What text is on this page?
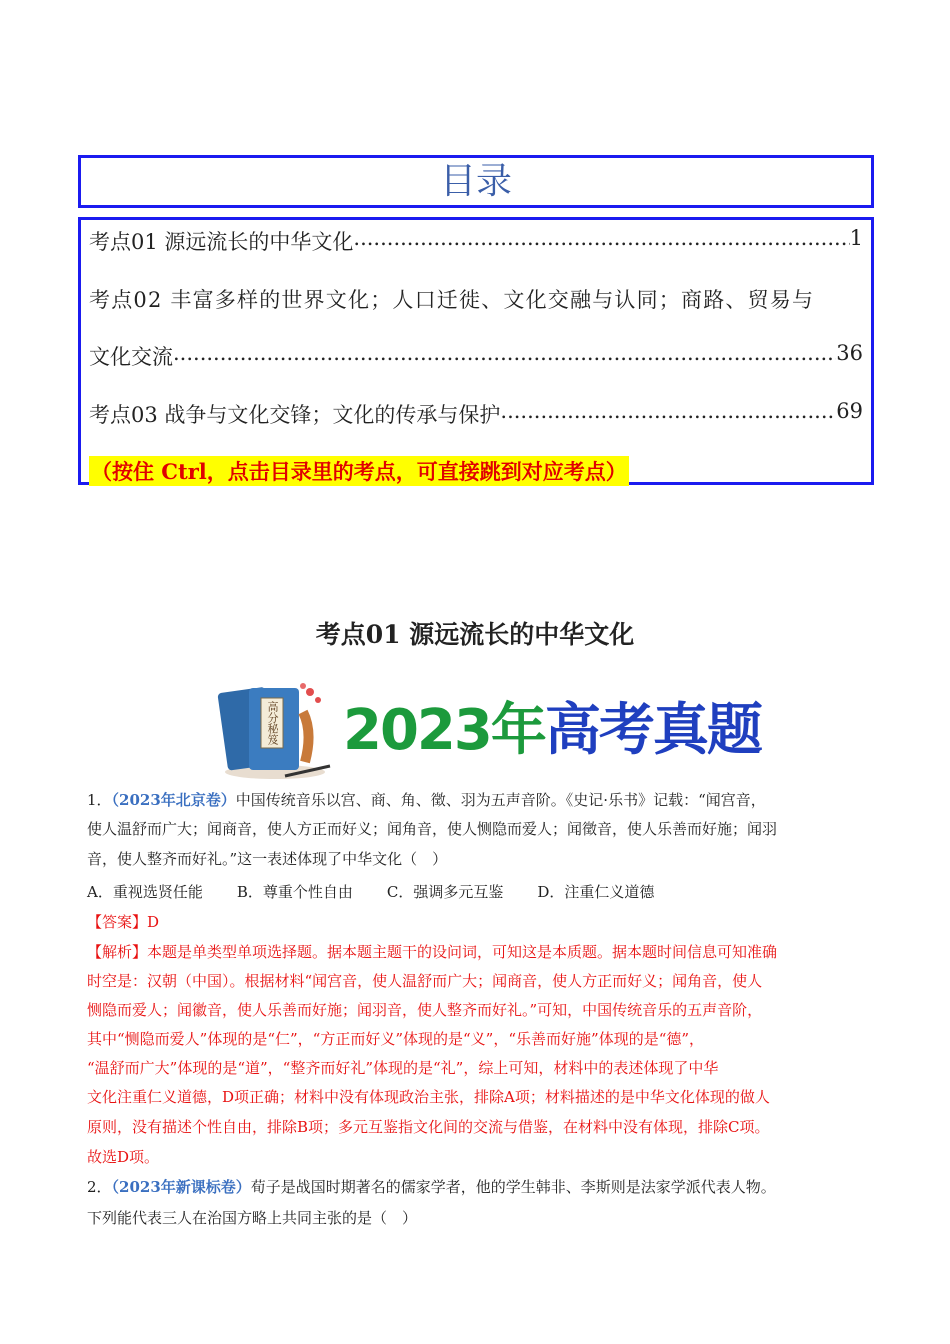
目录
考点01 源远流长的中华文化 .....	1
考点02 丰富多样的世界文化；人口迁徙、文化交融与认同；商路、贸易与
文化交流 .....	36
考点03 战争与文化交锋；文化的传承与保护 .....	69
（按住 Ctrl，点击目录里的考点，可直接跳到对应考点）
考点01 源远流长的中华文化
高分秘笈 2023年高考真题
1．（2023年北京卷）中国传统音乐以宫、商、角、徵、羽为五声音阶。《史记·乐书》记载：“闻宫音，
使人温舒而广大；闻商音，使人方正而好义；闻角音，使人恻隐而爱人；闻徵音，使人乐善而好施；闻羽
音，使人整齐而好礼。”这一表述体现了中华文化（　）
A．重视选贤任能 B．尊重个性自由 C．强调多元互鉴 D．注重仁义道德
【答案】D
【解析】本题是单类型单项选择题。据本题主题干的设问词，可知这是本质题。据本题时间信息可知准确
时空是：汉朝（中国）。根据材料“闻宫音，使人温舒而广大；闻商音，使人方正而好义；闻角音，使人
恻隐而爱人；闻徽音，使人乐善而好施；闻羽音，使人整齐而好礼。”可知，中国传统音乐的五声音阶，
其中“恻隐而爱人”体现的是“仁”，“方正而好义”体现的是“义”，“乐善而好施”体现的是“德”，
“温舒而广大”体现的是“道”，“整齐而好礼”体现的是“礼”，综上可知，材料中的表述体现了中华
文化注重仁义道德，D项正确；材料中没有体现政治主张，排除A项；材料描述的是中华文化体现的做人
原则，没有描述个性自由，排除B项；多元互鉴指文化间的交流与借鉴，在材料中没有体现，排除C项。
故选D项。
2．（2023年新课标卷）荀子是战国时期著名的儒家学者，他的学生韩非、李斯则是法家学派代表人物。
下列能代表三人在治国方略上共同主张的是（　）
